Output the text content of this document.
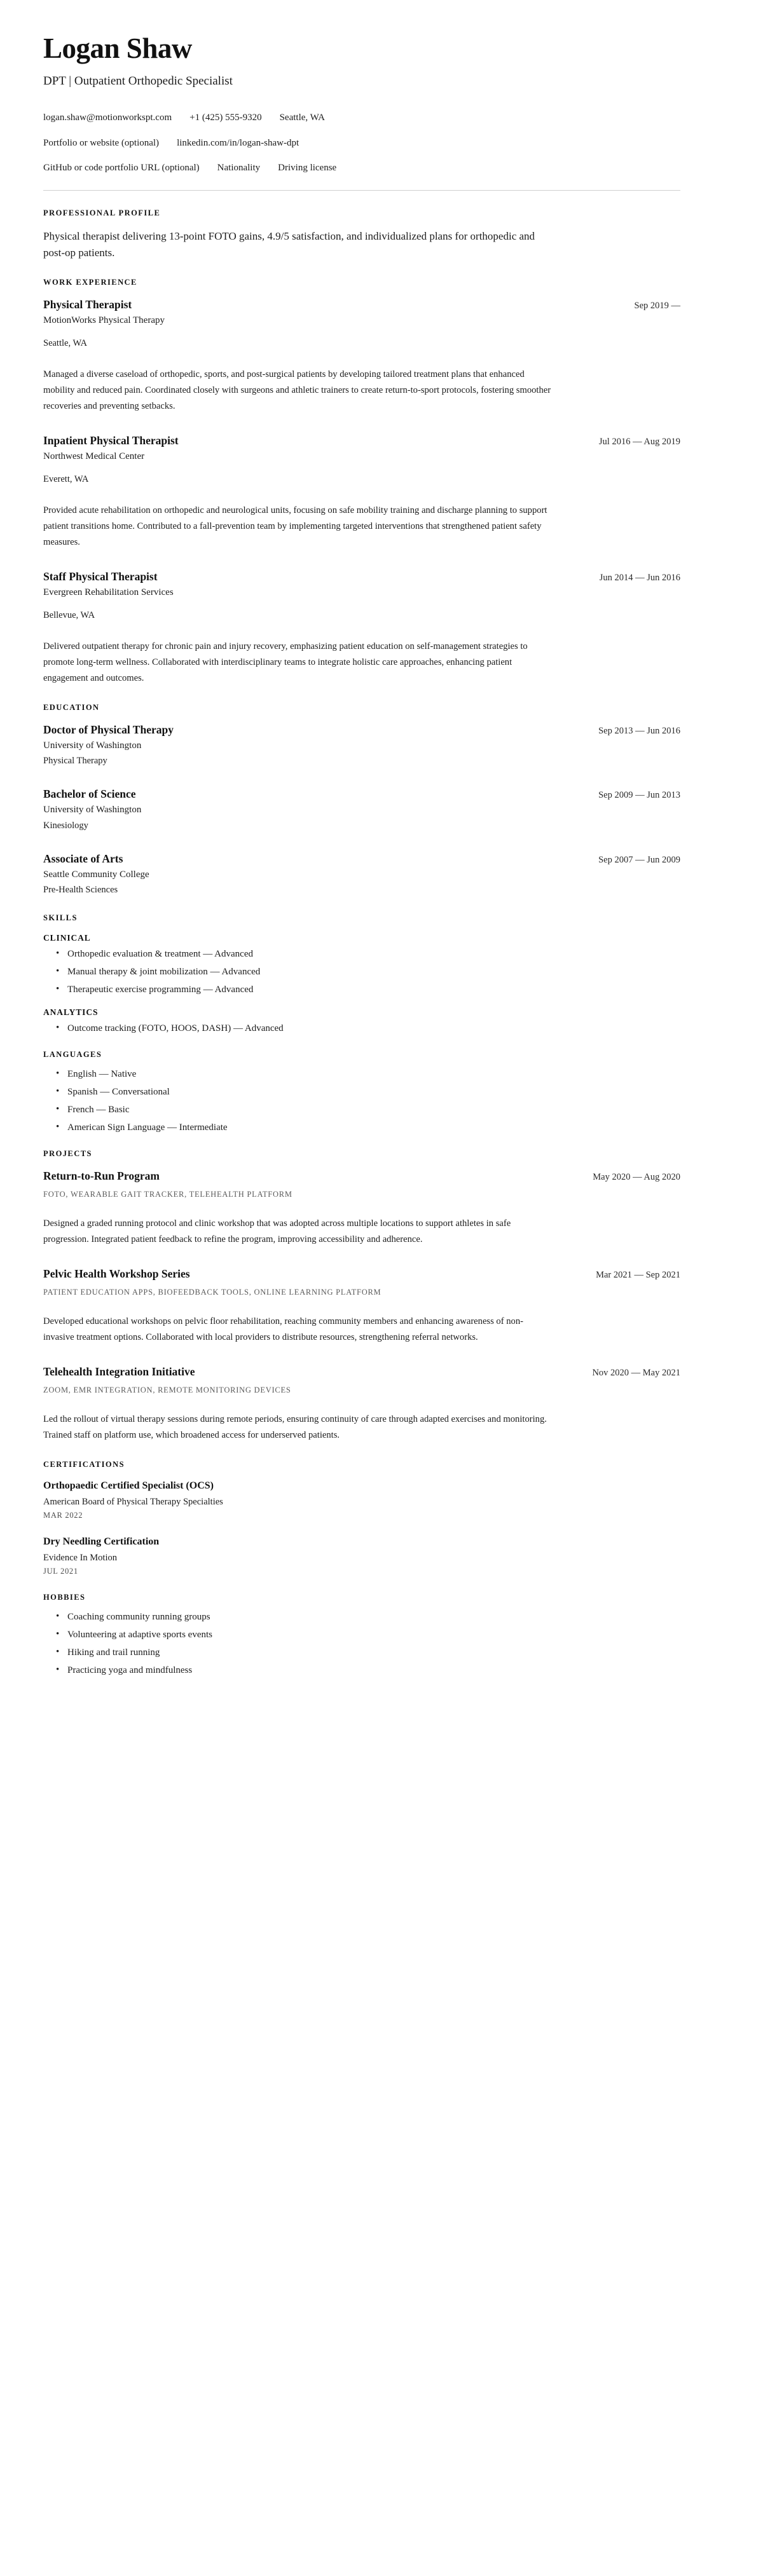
Logan Shaw
DPT | Outpatient Orthopedic Specialist
logan.shaw@motionworkspt.com +1 (425) 555-9320 Seattle, WA
Portfolio or website (optional) linkedin.com/in/logan-shaw-dpt
GitHub or code portfolio URL (optional) Nationality Driving license
PROFESSIONAL PROFILE

Physical therapist delivering 13-point FOTO gains, 4.9/5 satisfaction, and individualized plans for orthopedic and post-op patients.

WORK EXPERIENCE
Physical Therapist	Sep 2019 —
MotionWorks Physical Therapy
Seattle, WA
Managed a diverse caseload of orthopedic, sports, and post-surgical patients by developing tailored treatment plans that enhanced mobility and reduced pain. Coordinated closely with surgeons and athletic trainers to create return-to-sport protocols, fostering smoother recoveries and preventing setbacks.
Inpatient Physical Therapist	Jul 2016 — Aug 2019
Northwest Medical Center
Everett, WA
Provided acute rehabilitation on orthopedic and neurological units, focusing on safe mobility training and discharge planning to support patient transitions home. Contributed to a fall-prevention team by implementing targeted interventions that strengthened patient safety measures.
Staff Physical Therapist	Jun 2014 — Jun 2016
Evergreen Rehabilitation Services
Bellevue, WA
Delivered outpatient therapy for chronic pain and injury recovery, emphasizing patient education on self-management strategies to promote long-term wellness. Collaborated with interdisciplinary teams to integrate holistic care approaches, enhancing patient engagement and outcomes.
EDUCATION
Doctor of Physical Therapy	Sep 2013 — Jun 2016
University of Washington
Physical Therapy
Bachelor of Science	Sep 2009 — Jun 2013
University of Washington
Kinesiology
Associate of Arts	Sep 2007 — Jun 2009
Seattle Community College
Pre-Health Sciences
SKILLS
CLINICAL
• Orthopedic evaluation & treatment — Advanced
• Manual therapy & joint mobilization — Advanced
• Therapeutic exercise programming — Advanced
ANALYTICS
• Outcome tracking (FOTO, HOOS, DASH) — Advanced
LANGUAGES
• English — Native
• Spanish — Conversational
• French — Basic
• American Sign Language — Intermediate
PROJECTS
Return-to-Run Program	May 2020 — Aug 2020
FOTO, WEARABLE GAIT TRACKER, TELEHEALTH PLATFORM
Designed a graded running protocol and clinic workshop that was adopted across multiple locations to support athletes in safe progression. Integrated patient feedback to refine the program, improving accessibility and adherence.
Pelvic Health Workshop Series	Mar 2021 — Sep 2021
PATIENT EDUCATION APPS, BIOFEEDBACK TOOLS, ONLINE LEARNING PLATFORM
Developed educational workshops on pelvic floor rehabilitation, reaching community members and enhancing awareness of non-invasive treatment options. Collaborated with local providers to distribute resources, strengthening referral networks.
Telehealth Integration Initiative	Nov 2020 — May 2021
ZOOM, EMR INTEGRATION, REMOTE MONITORING DEVICES
Led the rollout of virtual therapy sessions during remote periods, ensuring continuity of care through adapted exercises and monitoring. Trained staff on platform use, which broadened access for underserved patients.
CERTIFICATIONS
Orthopaedic Certified Specialist (OCS)
American Board of Physical Therapy Specialties
MAR 2022
Dry Needling Certification
Evidence In Motion
JUL 2021
HOBBIES
• Coaching community running groups
• Volunteering at adaptive sports events
• Hiking and trail running
• Practicing yoga and mindfulness
